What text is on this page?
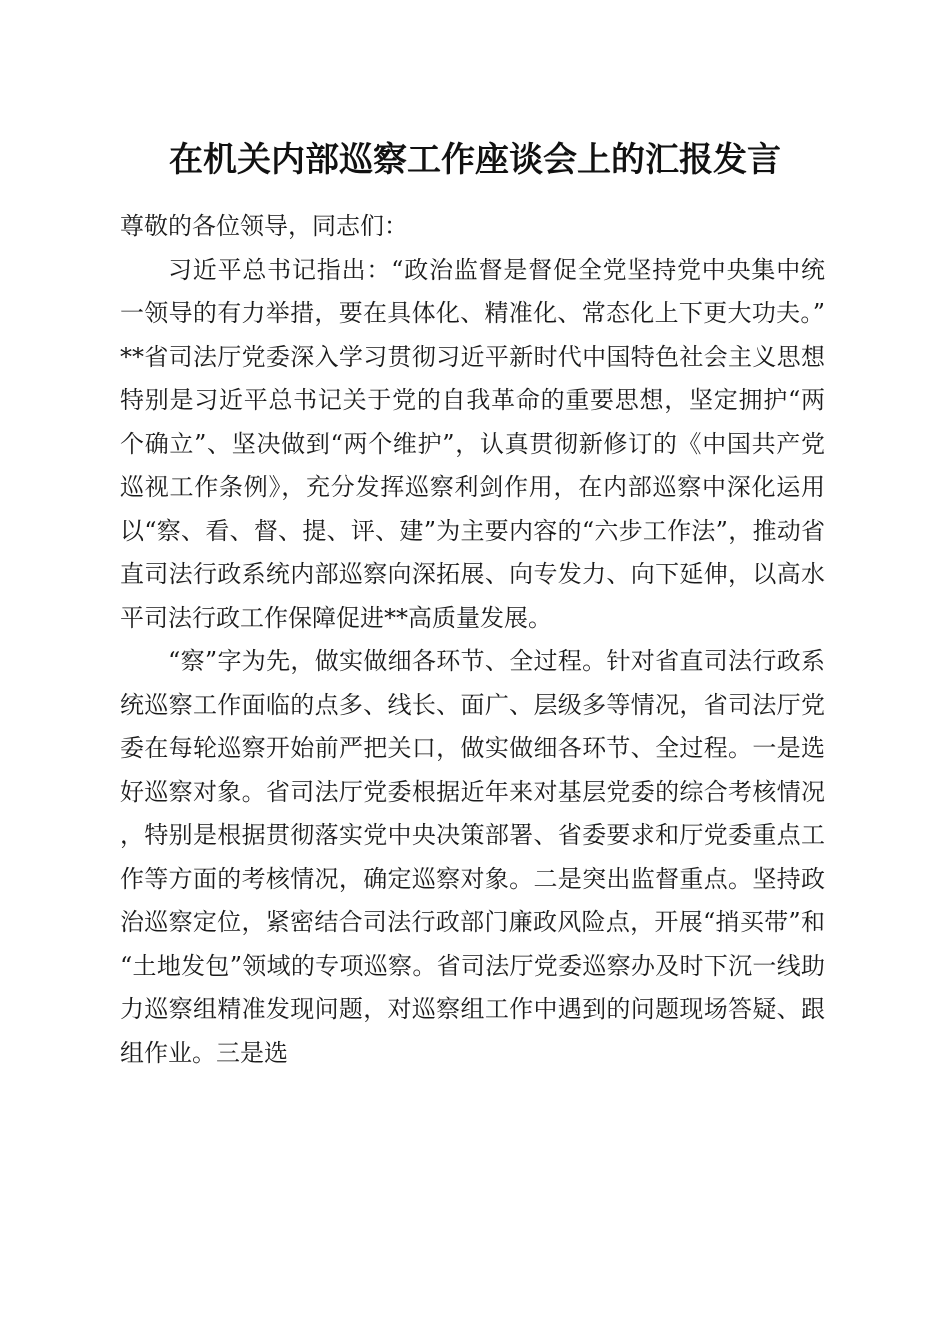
在机关内部巡察工作座谈会上的汇报发言

尊敬的各位领导，同志们：

习近平总书记指出：“政治监督是督促全党坚持党中央集中统一领导的有力举措，要在具体化、精准化、常态化上下更大功夫。”**省司法厅党委深入学习贯彻习近平新时代中国特色社会主义思想特别是习近平总书记关于党的自我革命的重要思想，坚定拥护“两个确立”、坚决做到“两个维护”，认真贯彻新修订的《中国共产党巡视工作条例》，充分发挥巡察利剑作用，在内部巡察中深化运用以“察、看、督、提、评、建”为主要内容的“六步工作法”，推动省直司法行政系统内部巡察向深拓展、向专发力、向下延伸，以高水平司法行政工作保障促进**高质量发展。

“察”字为先，做实做细各环节、全过程。针对省直司法行政系统巡察工作面临的点多、线长、面广、层级多等情况，省司法厅党委在每轮巡察开始前严把关口，做实做细各环节、全过程。一是选好巡察对象。省司法厅党委根据近年来对基层党委的综合考核情况，特别是根据贯彻落实党中央决策部署、省委要求和厅党委重点工作等方面的考核情况，确定巡察对象。二是突出监督重点。坚持政治巡察定位，紧密结合司法行政部门廉政风险点，开展“捎买带”和“土地发包”领域的专项巡察。省司法厅党委巡察办及时下沉一线助力巡察组精准发现问题，对巡察组工作中遇到的问题现场答疑、跟组作业。三是选
